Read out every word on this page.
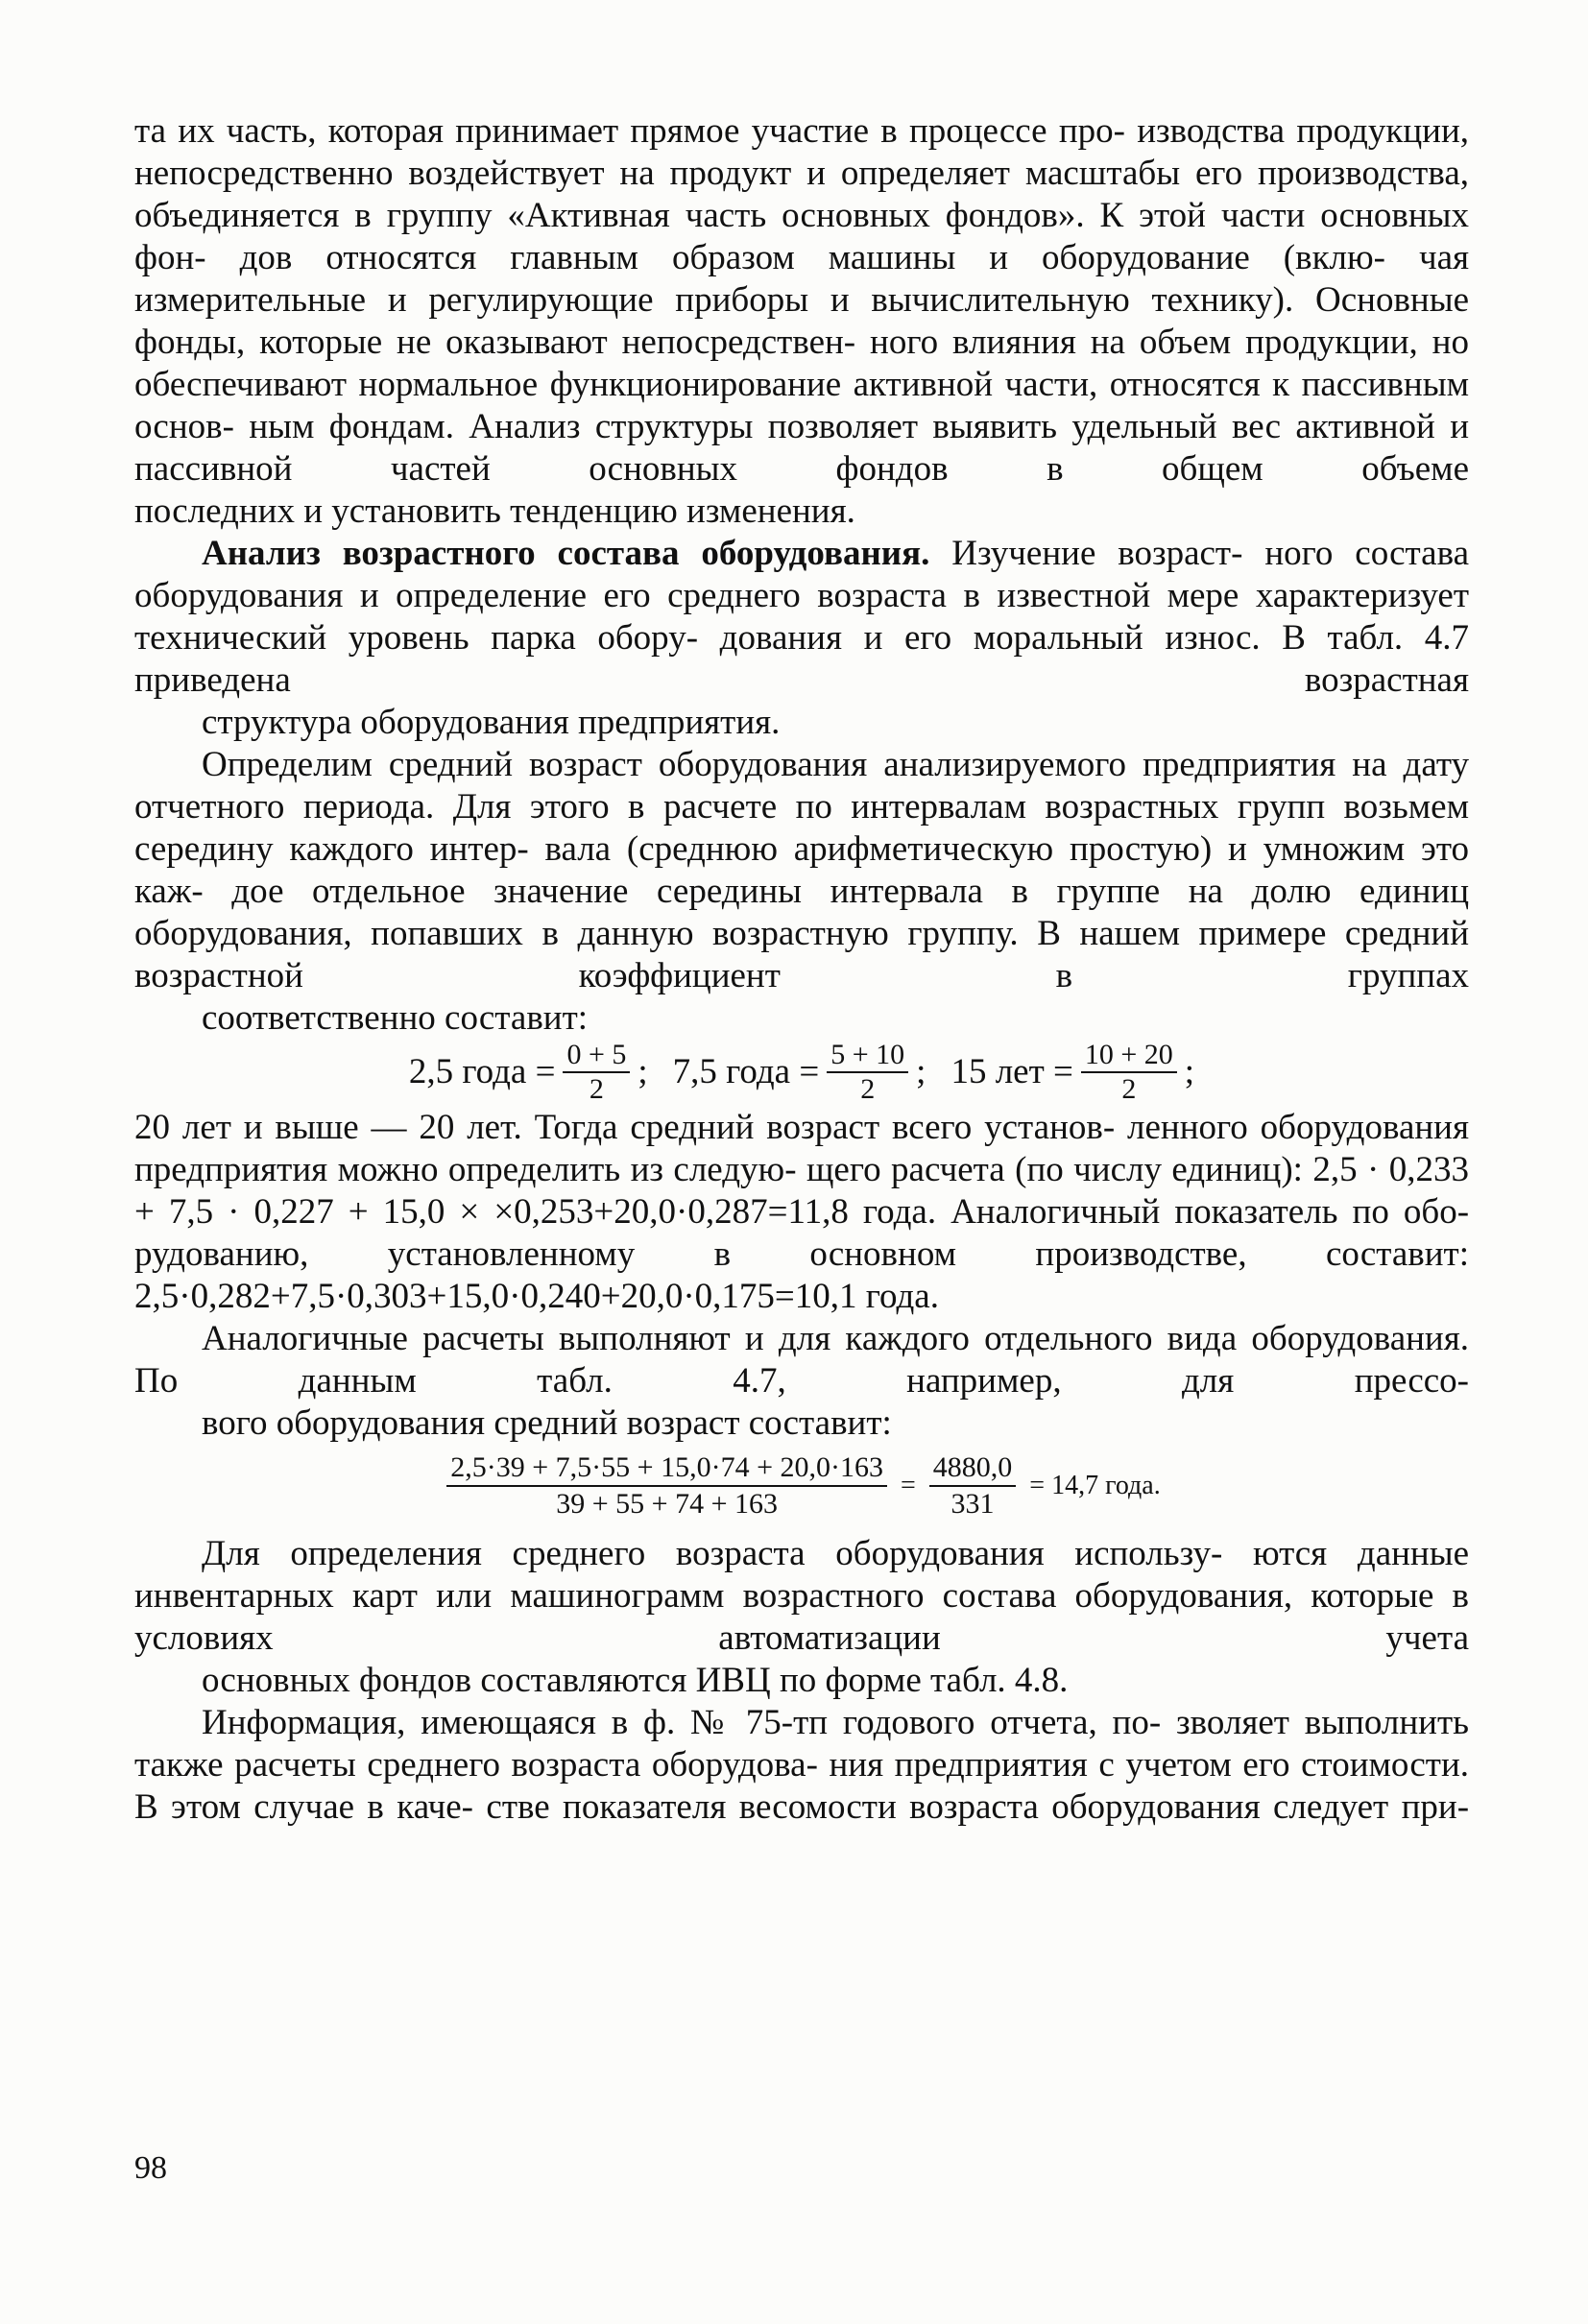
та их часть, которая принимает прямое участие в процессе про- изводства продукции, непосредственно воздействует на продукт и определяет масштабы его производства, объединяется в группу «Активная часть основных фондов». К этой части основных фон- дов относятся главным образом машины и оборудование (вклю- чая измерительные и регулирующие приборы и вычислительную технику). Основные фонды, которые не оказывают непосредствен- ного влияния на объем продукции, но обеспечивают нормальное функционирование активной части, относятся к пассивным основ- ным фондам. Анализ структуры позволяет выявить удельный вес активной и пассивной частей основных фондов в общем объеме
последних и установить тенденцию изменения.
Анализ возрастного состава оборудования. Изучение возраст- ного состава оборудования и определение его среднего возраста в известной мере характеризует технический уровень парка обору- дования и его моральный износ. В табл. 4.7 приведена возрастная
структура оборудования предприятия.
Определим средний возраст оборудования анализируемого предприятия на дату отчетного периода. Для этого в расчете по интервалам возрастных групп возьмем середину каждого интер- вала (среднюю арифметическую простую) и умножим это каж- дое отдельное значение середины интервала в группе на долю единиц оборудования, попавших в данную возрастную группу. В нашем примере средний возрастной коэффициент в группах
соответственно составит:
2,5 года = $\frac{0 + 5}{2}$ ; 7,5 года = $\frac{5 + 10}{2}$ ; 15 лет = $\frac{10 + 20}{2}$ ;
20 лет и выше — 20 лет. Тогда средний возраст всего установ- ленного оборудования предприятия можно определить из следую- щего расчета (по числу единиц): 2,5 · 0,233 + 7,5 · 0,227 + 15,0 × ×0,253+20,0·0,287=11,8 года. Аналогичный показатель по обо- рудованию, установленному в основном производстве, составит:
2,5·0,282+7,5·0,303+15,0·0,240+20,0·0,175=10,1 года.
Аналогичные расчеты выполняют и для каждого отдельного вида оборудования. По данным табл. 4.7, например, для прессо-
вого оборудования средний возраст составит:
$\frac{2,5\cdot 39 + 7,5\cdot 55 + 15,0\cdot 74 + 20,0\cdot 163}{39 + 55 + 74 + 163} = \frac{4880,0}{331} = 14,7$ года.
Для определения среднего возраста оборудования использу- ются данные инвентарных карт или машинограмм возрастного состава оборудования, которые в условиях автоматизации учета
основных фондов составляются ИВЦ по форме табл. 4.8.
Информация, имеющаяся в ф. № 75-тп годового отчета, по- зволяет выполнить также расчеты среднего возраста оборудова- ния предприятия с учетом его стоимости. В этом случае в каче- стве показателя весомости возраста оборудования следует при-
98
